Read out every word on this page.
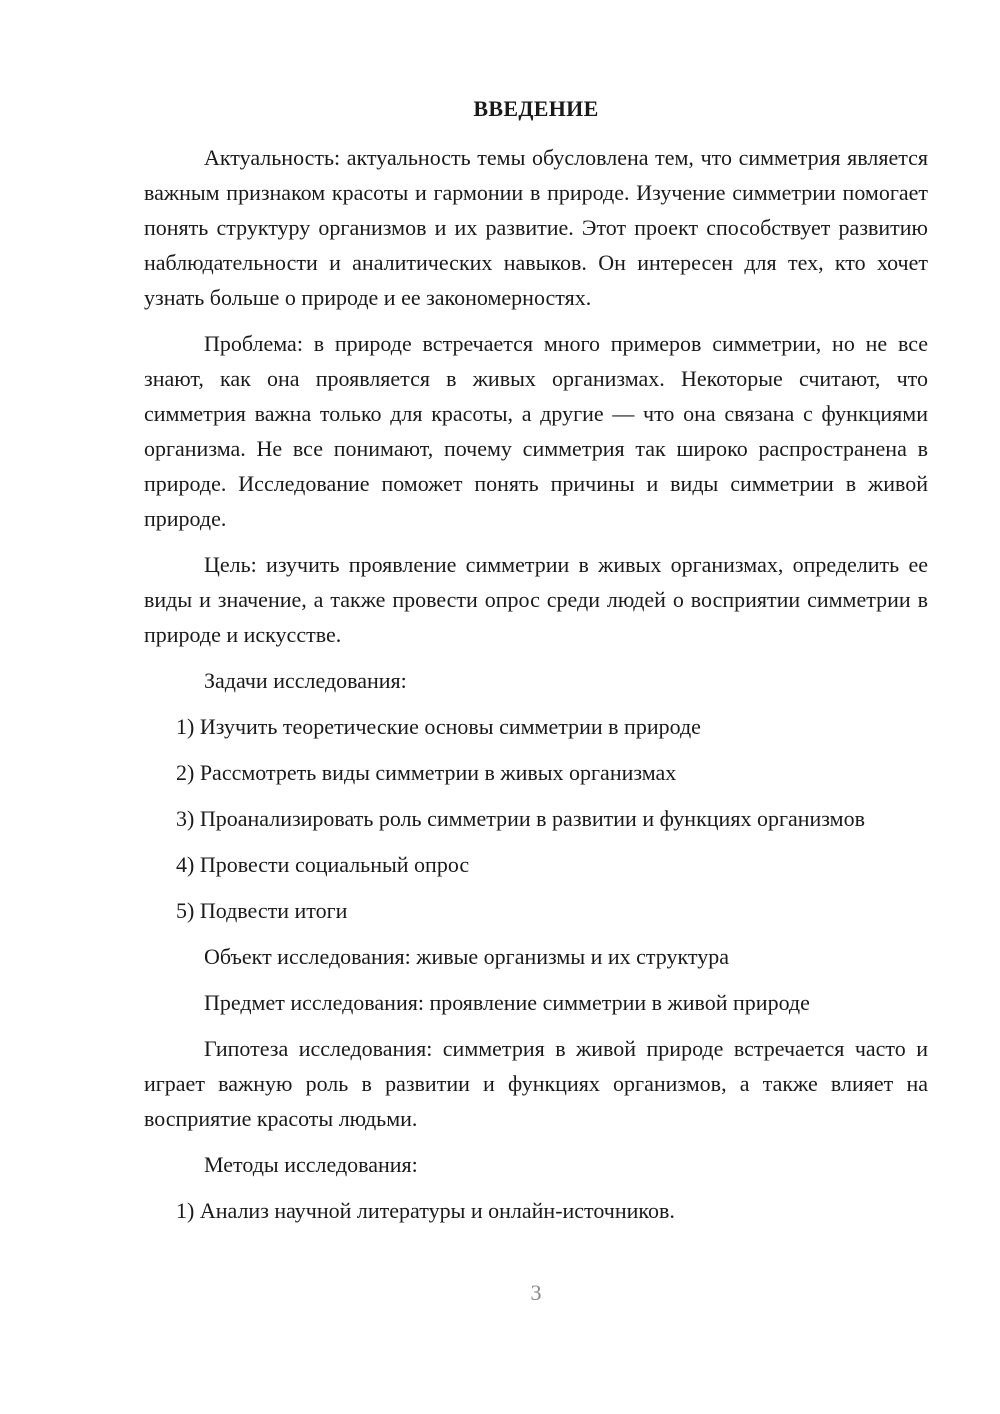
ВВЕДЕНИЕ

Актуальность: актуальность темы обусловлена тем, что симметрия является важным признаком красоты и гармонии в природе. Изучение симметрии помогает понять структуру организмов и их развитие. Этот проект способствует развитию наблюдательности и аналитических навыков. Он интересен для тех, кто хочет узнать больше о природе и ее закономерностях.

Проблема: в природе встречается много примеров симметрии, но не все знают, как она проявляется в живых организмах. Некоторые считают, что симметрия важна только для красоты, а другие — что она связана с функциями организма. Не все понимают, почему симметрия так широко распространена в природе. Исследование поможет понять причины и виды симметрии в живой природе.

Цель: изучить проявление симметрии в живых организмах, определить ее виды и значение, а также провести опрос среди людей о восприятии симметрии в природе и искусстве.

Задачи исследования:

1) Изучить теоретические основы симметрии в природе

2) Рассмотреть виды симметрии в живых организмах

3) Проанализировать роль симметрии в развитии и функциях организмов

4) Провести социальный опрос

5) Подвести итоги

Объект исследования: живые организмы и их структура

Предмет исследования: проявление симметрии в живой природе

Гипотеза исследования: симметрия в живой природе встречается часто и играет важную роль в развитии и функциях организмов, а также влияет на восприятие красоты людьми.

Методы исследования:

1) Анализ научной литературы и онлайн-источников.

3
